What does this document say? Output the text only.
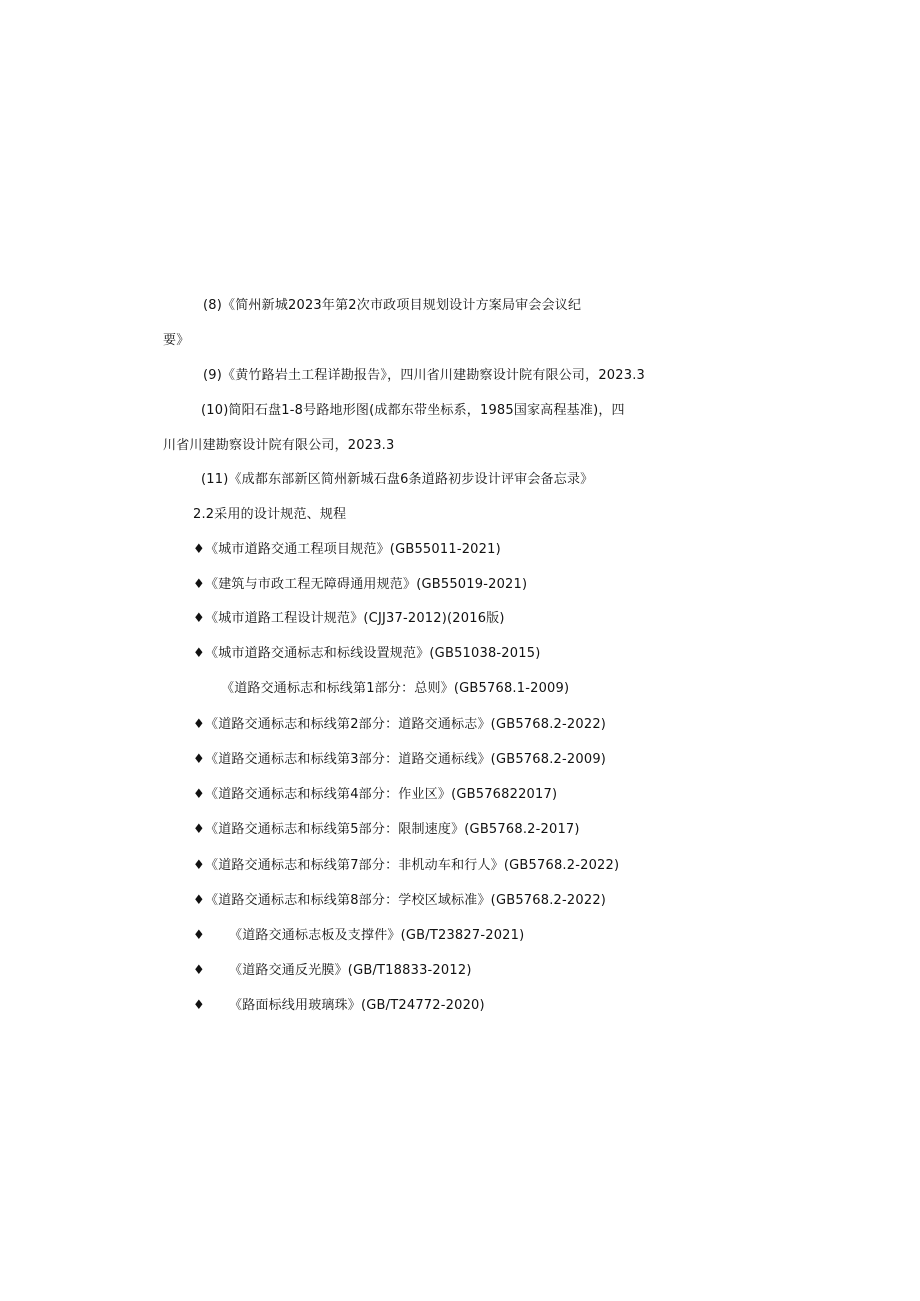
(8)《简州新城2023年第2次市政项目规划设计方案局审会会议纪
要》
(9)《黄竹路岩土工程详勘报告》，四川省川建勘察设计院有限公司，2023.3
(10)简阳石盘1-8号路地形图(成都东带坐标系，1985国家高程基准)，四
川省川建勘察设计院有限公司，2023.3
(11)《成都东部新区简州新城石盘6条道路初步设计评审会备忘录》
2.2采用的设计规范、规程
♦《城市道路交通工程项目规范》(GB55011-2021)
♦《建筑与市政工程无障碍通用规范》(GB55019-2021)
♦《城市道路工程设计规范》(CJJ37-2012)(2016版)
♦《城市道路交通标志和标线设置规范》(GB51038-2015)
《道路交通标志和标线第1部分：总则》(GB5768.1-2009)
♦《道路交通标志和标线第2部分：道路交通标志》(GB5768.2-2022)
♦《道路交通标志和标线第3部分：道路交通标线》(GB5768.2-2009)
♦《道路交通标志和标线第4部分：作业区》(GB576822017)
♦《道路交通标志和标线第5部分：限制速度》(GB5768.2-2017)
♦《道路交通标志和标线第7部分：非机动车和行人》(GB5768.2-2022)
♦《道路交通标志和标线第8部分：学校区域标准》(GB5768.2-2022)
♦ 《道路交通标志板及支撑件》(GB/T23827-2021)
♦ 《道路交通反光膜》(GB/T18833-2012)
♦ 《路面标线用玻璃珠》(GB/T24772-2020)
